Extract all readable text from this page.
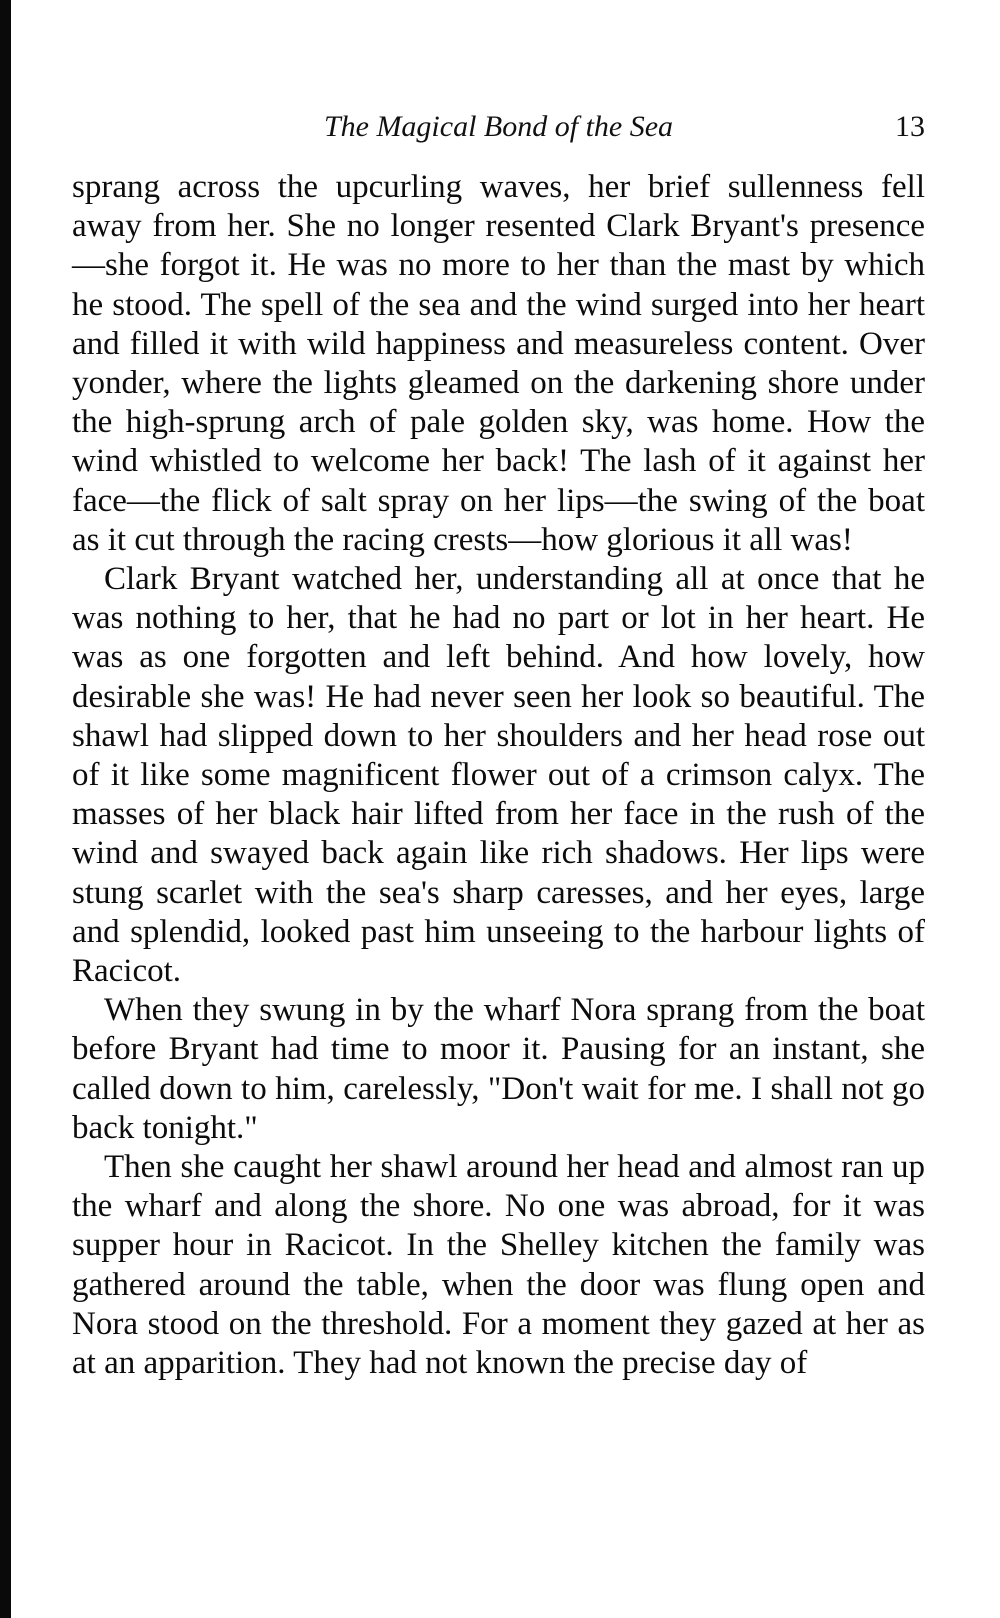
The Magical Bond of the Sea	13

sprang across the upcurling waves, her brief sullenness fell away from her. She no longer resented Clark Bryant's presence—she forgot it. He was no more to her than the mast by which he stood. The spell of the sea and the wind surged into her heart and filled it with wild happiness and measureless content. Over yonder, where the lights gleamed on the darkening shore under the high-sprung arch of pale golden sky, was home. How the wind whistled to welcome her back! The lash of it against her face—the flick of salt spray on her lips—the swing of the boat as it cut through the racing crests—how glorious it all was!

Clark Bryant watched her, understanding all at once that he was nothing to her, that he had no part or lot in her heart. He was as one forgotten and left behind. And how lovely, how desirable she was! He had never seen her look so beautiful. The shawl had slipped down to her shoulders and her head rose out of it like some magnificent flower out of a crimson calyx. The masses of her black hair lifted from her face in the rush of the wind and swayed back again like rich shadows. Her lips were stung scarlet with the sea's sharp caresses, and her eyes, large and splendid, looked past him unseeing to the harbour lights of Racicot.

When they swung in by the wharf Nora sprang from the boat before Bryant had time to moor it. Pausing for an instant, she called down to him, carelessly, "Don't wait for me. I shall not go back tonight."

Then she caught her shawl around her head and almost ran up the wharf and along the shore. No one was abroad, for it was supper hour in Racicot. In the Shelley kitchen the family was gathered around the table, when the door was flung open and Nora stood on the threshold. For a moment they gazed at her as at an apparition. They had not known the precise day of
